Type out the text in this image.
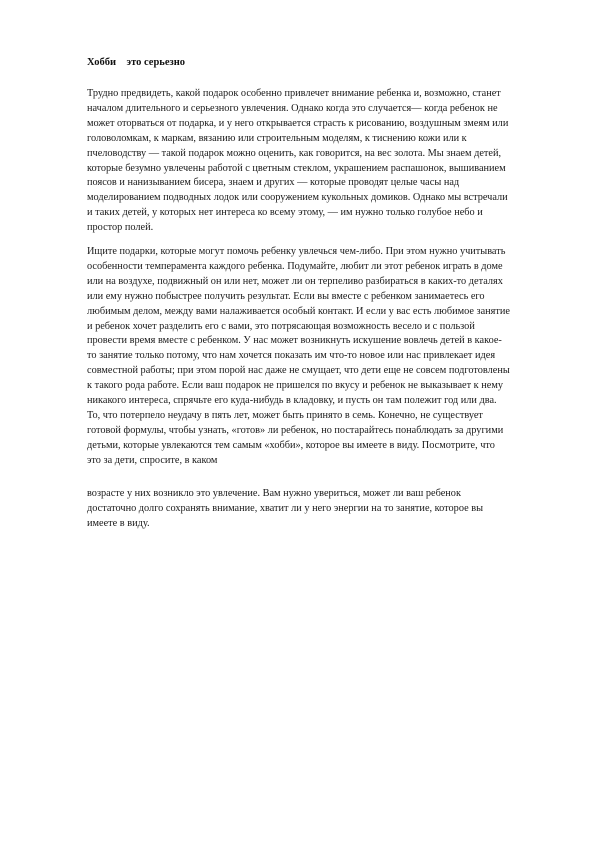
Хобби    это серьезно

Трудно предвидеть, какой подарок особенно привлечет внимание ребенка и, возможно, станет началом длительного и серьезного увлечения. Однако когда это случается— когда ребенок не может оторваться от подарка, и у него открывается страсть к рисованию, воздушным змеям или головоломкам, к маркам, вязанию или строительным моделям, к тиснению кожи или к пчеловодству — такой подарок можно оценить, как говорится, на вес золота. Мы знаем детей, которые безумно увлечены работой с цветным стеклом, украшением распашонок, вышиванием поясов и нанизыванием бисера, знаем и других — которые проводят целые часы над моделированием подводных лодок или сооружением кукольных домиков. Однако мы встречали и таких детей, у которых нет интереса ко всему этому, — им нужно только голубое небо и простор полей.

Ищите подарки, которые могут помочь ребенку увлечься чем-либо. При этом нужно учитывать особенности темперамента каждого ребенка. Подумайте, любит ли этот ребенок играть в доме или на воздухе, подвижный он или нет, может ли он терпеливо разбираться в каких-то деталях или ему нужно побыстрее получить результат. Если вы вместе с ребенком занимаетесь его любимым делом, между вами налаживается особый контакт. И если у вас есть любимое занятие и ребенок хочет разделить его с вами, это потрясающая возможность весело и с пользой провести время вместе с ребенком. У нас может возникнуть искушение вовлечь детей в какое-то занятие только потому, что нам хочется показать им что-то новое или нас привлекает идея совместной работы; при этом порой нас даже не смущает, что дети еще не совсем подготовлены к такого рода работе. Если ваш подарок не пришелся по вкусу и ребенок не выказывает к нему никакого интереса, спрячьте его куда-нибудь в кладовку, и пусть он там полежит год или два. То, что потерпело неудачу в пять лет, может быть принято в семь. Конечно, не существует готовой формулы, чтобы узнать, «готов» ли ребенок, но постарайтесь понаблюдать за другими детьми, которые увлекаются тем самым «хобби», которое вы имеете в виду. Посмотрите, что это за дети, спросите, в каком

возрасте у них возникло это увлечение. Вам нужно увериться, может ли ваш ребенок достаточно долго сохранять внимание, хватит ли у него энергии на то занятие, которое вы имеете в виду.
